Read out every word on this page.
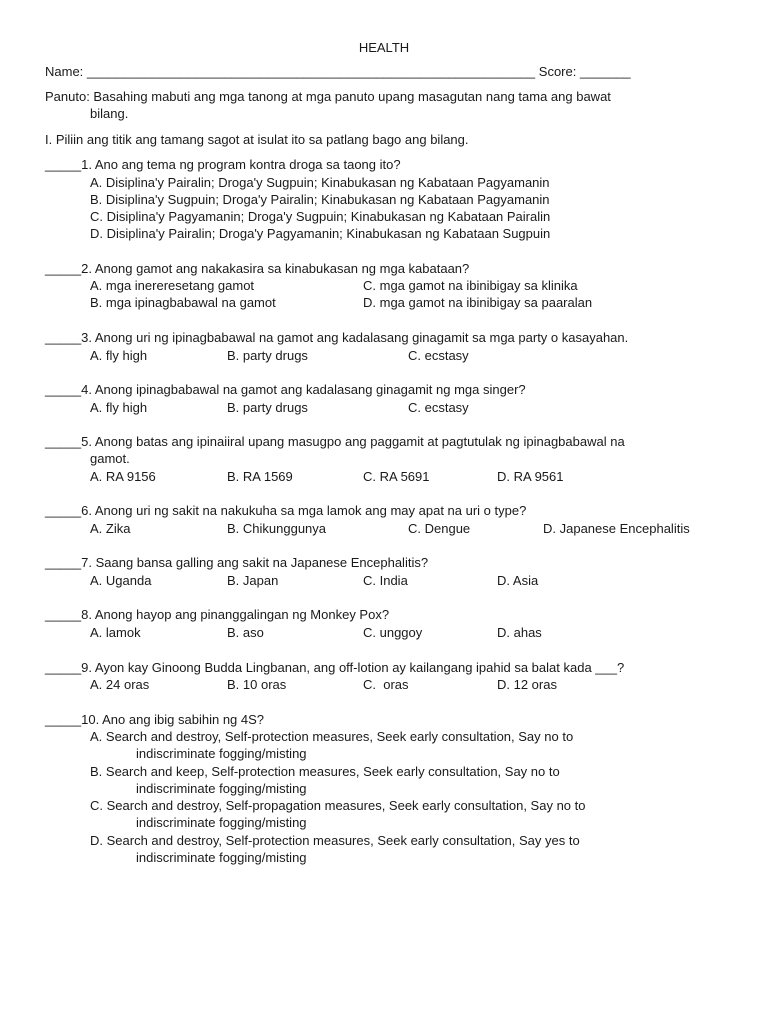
HEALTH
Name: ______________________________________________________________ Score: _______
Panuto: Basahing mabuti ang mga tanong at mga panuto upang masagutan nang tama ang bawat
bilang.
I. Piliin ang titik ang tamang sagot at isulat ito sa patlang bago ang bilang.
_____1. Ano ang tema ng program kontra droga sa taong ito?
A. Disiplina'y Pairalin; Droga'y Sugpuin; Kinabukasan ng Kabataan Pagyamanin
B. Disiplina'y Sugpuin; Droga'y Pairalin; Kinabukasan ng Kabataan Pagyamanin
C. Disiplina'y Pagyamanin; Droga'y Sugpuin; Kinabukasan ng Kabataan Pairalin
D. Disiplina'y Pairalin; Droga'y Pagyamanin; Kinabukasan ng Kabataan Sugpuin
_____2. Anong gamot ang nakakasira sa kinabukasan ng mga kabataan?
A. mga inereresetang gamot	C. mga gamot na ibinibigay sa klinika
B. mga ipinagbabawal na gamot	D. mga gamot na ibinibigay sa paaralan
_____3. Anong uri ng ipinagbabawal na gamot ang kadalasang ginagamit sa mga party o kasayahan.
A. fly high	B. party drugs	C. ecstasy
_____4. Anong ipinagbabawal na gamot ang kadalasang ginagamit ng mga singer?
A. fly high	B. party drugs	C. ecstasy
_____5. Anong batas ang ipinaiiral upang masugpo ang paggamit at pagtutulak ng ipinagbabawal na
gamot.
A. RA 9156	B. RA 1569	C. RA 5691	D. RA 9561
_____6. Anong uri ng sakit na nakukuha sa mga lamok ang may apat na uri o type?
A. Zika	B. Chikunggunya	C. Dengue	D. Japanese Encephalitis
_____7. Saang bansa galling ang sakit na Japanese Encephalitis?
A. Uganda	B. Japan	C. India	D. Asia
_____8. Anong hayop ang pinanggalingan ng Monkey Pox?
A. lamok	B. aso	C. unggoy	D. ahas
_____9. Ayon kay Ginoong Budda Lingbanan, ang off-lotion ay kailangang ipahid sa balat kada ___?
A. 24 oras	B. 10 oras	C.  oras	D. 12 oras
_____10. Ano ang ibig sabihin ng 4S?
A. Search and destroy, Self-protection measures, Seek early consultation, Say no to
indiscriminate fogging/misting
B. Search and keep, Self-protection measures, Seek early consultation, Say no to
indiscriminate fogging/misting
C. Search and destroy, Self-propagation measures, Seek early consultation, Say no to
indiscriminate fogging/misting
D. Search and destroy, Self-protection measures, Seek early consultation, Say yes to
indiscriminate fogging/misting
